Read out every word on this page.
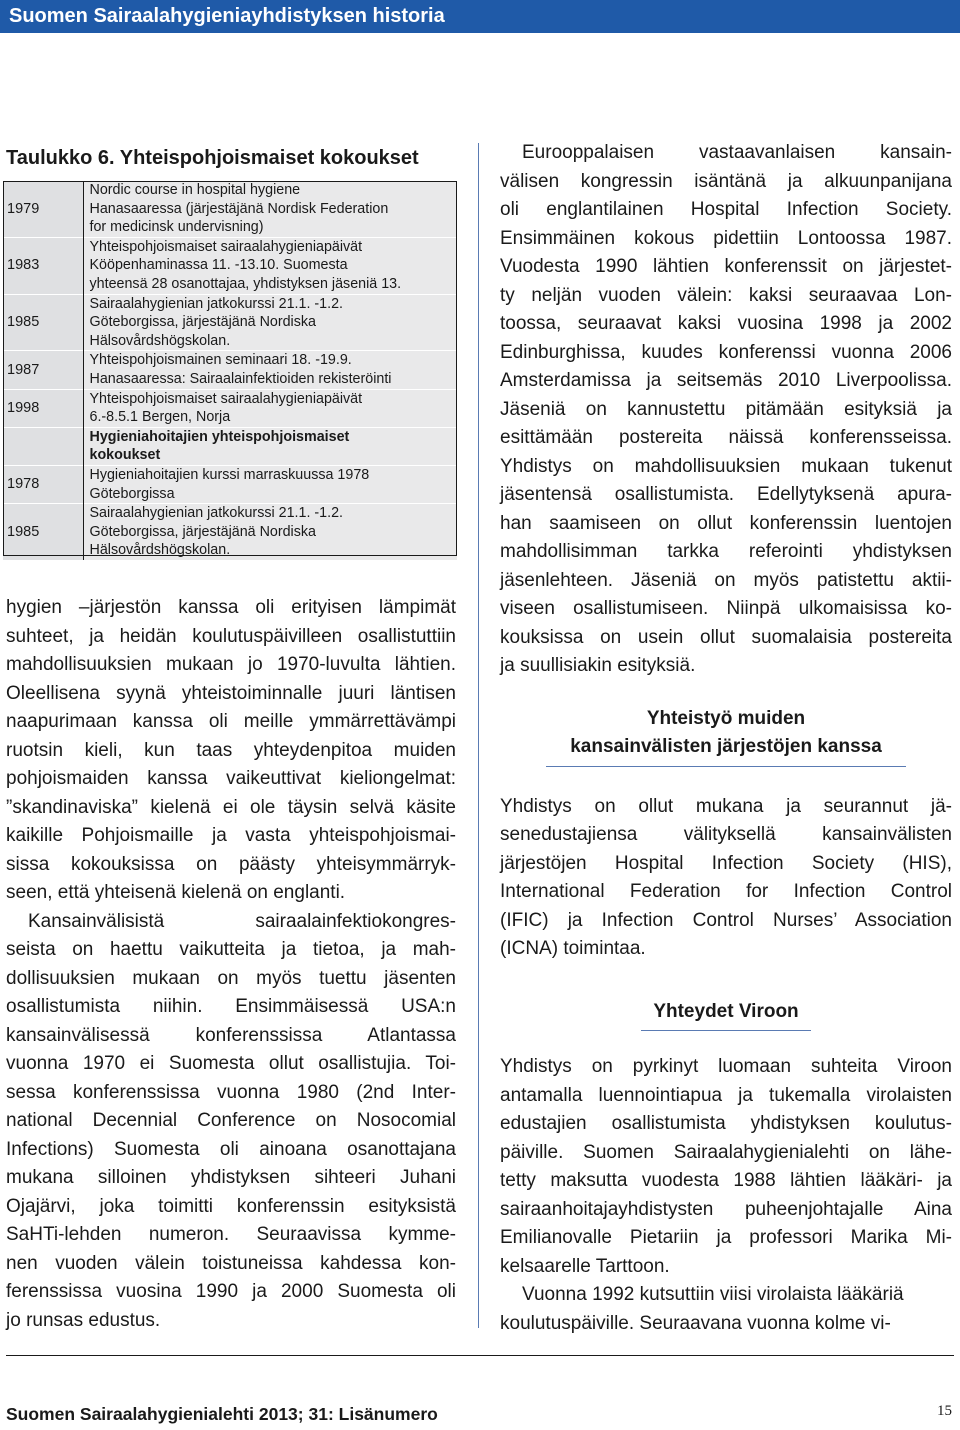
Suomen Sairaalahygieniayhdistyksen historia
Taulukko 6. Yhteispohjoismaiset kokoukset
1979	Nordic course in hospital hygiene
Hanasaaressa (järjestäjänä Nordisk Federation
for medicinsk undervisning)

1983	Yhteispohjoismaiset sairaalahygieniapäivät
Kööpenhaminassa 11. -13.10. Suomesta
yhteensä 28 osanottajaa, yhdistyksen jäseniä 13.

1985	Sairaalahygienian jatkokurssi 21.1. -1.2.
Göteborgissa, järjestäjänä Nordiska
Hälsovårdshögskolan.

1987	Yhteispohjoismainen seminaari 18. -19.9.
Hanasaaressa: Sairaalainfektioiden rekisteröinti

1998	Yhteispohjoismaiset sairaalahygieniapäivät
6.-8.5.1 Bergen, Norja

	Hygieniahoitajien yhteispohjoismaiset
kokoukset

1978	Hygieniahoitajien kurssi marraskuussa 1978
Göteborgissa

1985	Sairaalahygienian jatkokurssi 21.1. -1.2.
Göteborgissa, järjestäjänä Nordiska
Hälsovårdshögskolan.

hygien –järjestön kanssa oli erityisen lämpimät
suhteet, ja heidän koulutuspäivilleen osallistuttiin
mahdollisuuksien mukaan jo 1970-luvulta lähtien.
Oleellisena syynä yhteistoiminnalle juuri läntisen
naapurimaan kanssa oli meille ymmärrettävämpi
ruotsin kieli, kun taas yhteydenpitoa muiden
pohjoismaiden kanssa vaikeuttivat kieliongelmat:
”skandinaviska” kielenä ei ole täysin selvä käsite
kaikille Pohjoismaille ja vasta yhteispohjoismai-
sissa kokouksissa on päästy yhteisymmärryk-
seen, että yhteisenä kielenä on englanti.

Kansainvälisistä sairaalainfektiokongres-
seista on haettu vaikutteita ja tietoa, ja mah-
dollisuuksien mukaan on myös tuettu jäsenten
osallistumista niihin. Ensimmäisessä USA:n
kansainvälisessä konferenssissa Atlantassa
vuonna 1970 ei Suomesta ollut osallistujia. Toi-
sessa konferenssissa vuonna 1980 (2nd Inter-
national Decennial Conference on Nosocomial
Infections) Suomesta oli ainoana osanottajana
mukana silloinen yhdistyksen sihteeri Juhani
Ojajärvi, joka toimitti konferenssin esityksistä
SaHTi-lehden numeron. Seuraavissa kymme-
nen vuoden välein toistuneissa kahdessa kon-
ferenssissa vuosina 1990 ja 2000 Suomesta oli
jo runsas edustus.

Eurooppalaisen vastaavanlaisen kansain-
välisen kongressin isäntänä ja alkuunpanijana
oli englantilainen Hospital Infection Society.
Ensimmäinen kokous pidettiin Lontoossa 1987.
Vuodesta 1990 lähtien konferenssit on järjestet-
ty neljän vuoden välein: kaksi seuraavaa Lon-
toossa, seuraavat kaksi vuosina 1998 ja 2002
Edinburghissa, kuudes konferenssi vuonna 2006
Amsterdamissa ja seitsemäs 2010 Liverpoolissa.
Jäseniä on kannustettu pitämään esityksiä ja
esittämään postereita näissä konferensseissa.
Yhdistys on mahdollisuuksien mukaan tukenut
jäsentensä osallistumista. Edellytyksenä apura-
han saamiseen on ollut konferenssin luentojen
mahdollisimman tarkka referointi yhdistyksen
jäsenlehteen. Jäseniä on myös patistettu aktii-
viseen osallistumiseen. Niinpä ulkomaisissa ko-
kouksissa on usein ollut suomalaisia postereita
ja suullisiakin esityksiä.

Yhteistyö muiden
kansainvälisten järjestöjen kanssa

Yhdistys on ollut mukana ja seurannut jä-
senedustajiensa välityksellä kansainvälisten
järjestöjen Hospital Infection Society (HIS),
International Federation for Infection Control
(IFIC) ja Infection Control Nurses’ Association
(ICNA) toimintaa.

Yhteydet Viroon

Yhdistys on pyrkinyt luomaan suhteita Viroon
antamalla luennointiapua ja tukemalla virolaisten
edustajien osallistumista yhdistyksen koulutus-
päiville. Suomen Sairaalahygienialehti on lähe-
tetty maksutta vuodesta 1988 lähtien lääkäri- ja
sairaanhoitajayhdistysten puheenjohtajalle Aina
Emilianovalle Pietariin ja professori Marika Mi-
kelsaarelle Tarttoon.

Vuonna 1992 kutsuttiin viisi virolaista lääkäriä
koulutuspäiville. Seuraavana vuonna kolme vi-

Suomen Sairaalahygienialehti 2013; 31: Lisänumero	15
